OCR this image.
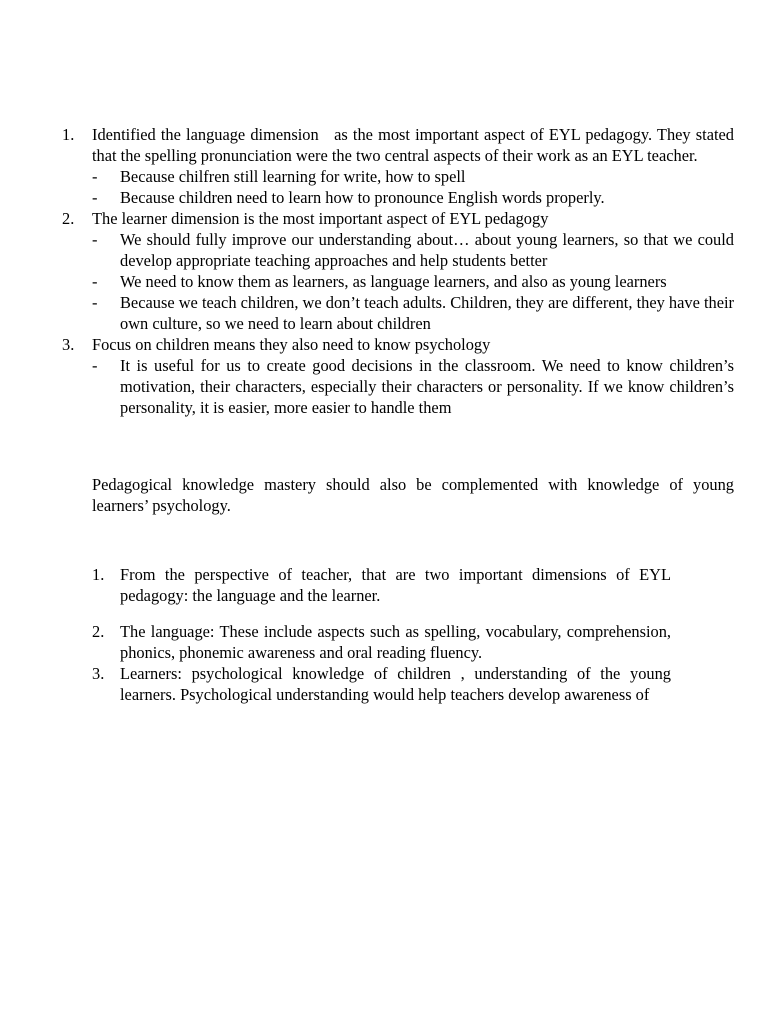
1.	Identified the language dimension   as the most important aspect of EYL pedagogy. They stated that the spelling pronunciation were the two central aspects of their work as an EYL teacher.
-	Because chilfren still learning for write, how to spell
-	Because children need to learn how to pronounce English words properly.
2.	The learner dimension is the most important aspect of EYL pedagogy
-	We should fully improve our understanding about… about young learners, so that we could develop appropriate teaching approaches and help students better
-	We need to know them as learners, as language learners, and also as young learners
-	Because we teach children, we don’t teach adults. Children, they are different, they have their own culture, so we need to learn about children
3.	Focus on children means they also need to know psychology
-	It is useful for us to create good decisions in the classroom. We need to know children’s motivation, their characters, especially their characters or personality. If we know children’s personality, it is easier, more easier to handle them
Pedagogical knowledge mastery should also be complemented with knowledge of young learners’ psychology.
1. From the perspective of teacher, that are two important dimensions of EYL pedagogy: the language and the learner.
2. The language: These include aspects such as spelling, vocabulary, comprehension, phonics, phonemic awareness and oral reading fluency.
3. Learners: psychological knowledge of children , understanding of the young learners. Psychological understanding would help teachers develop awareness of
